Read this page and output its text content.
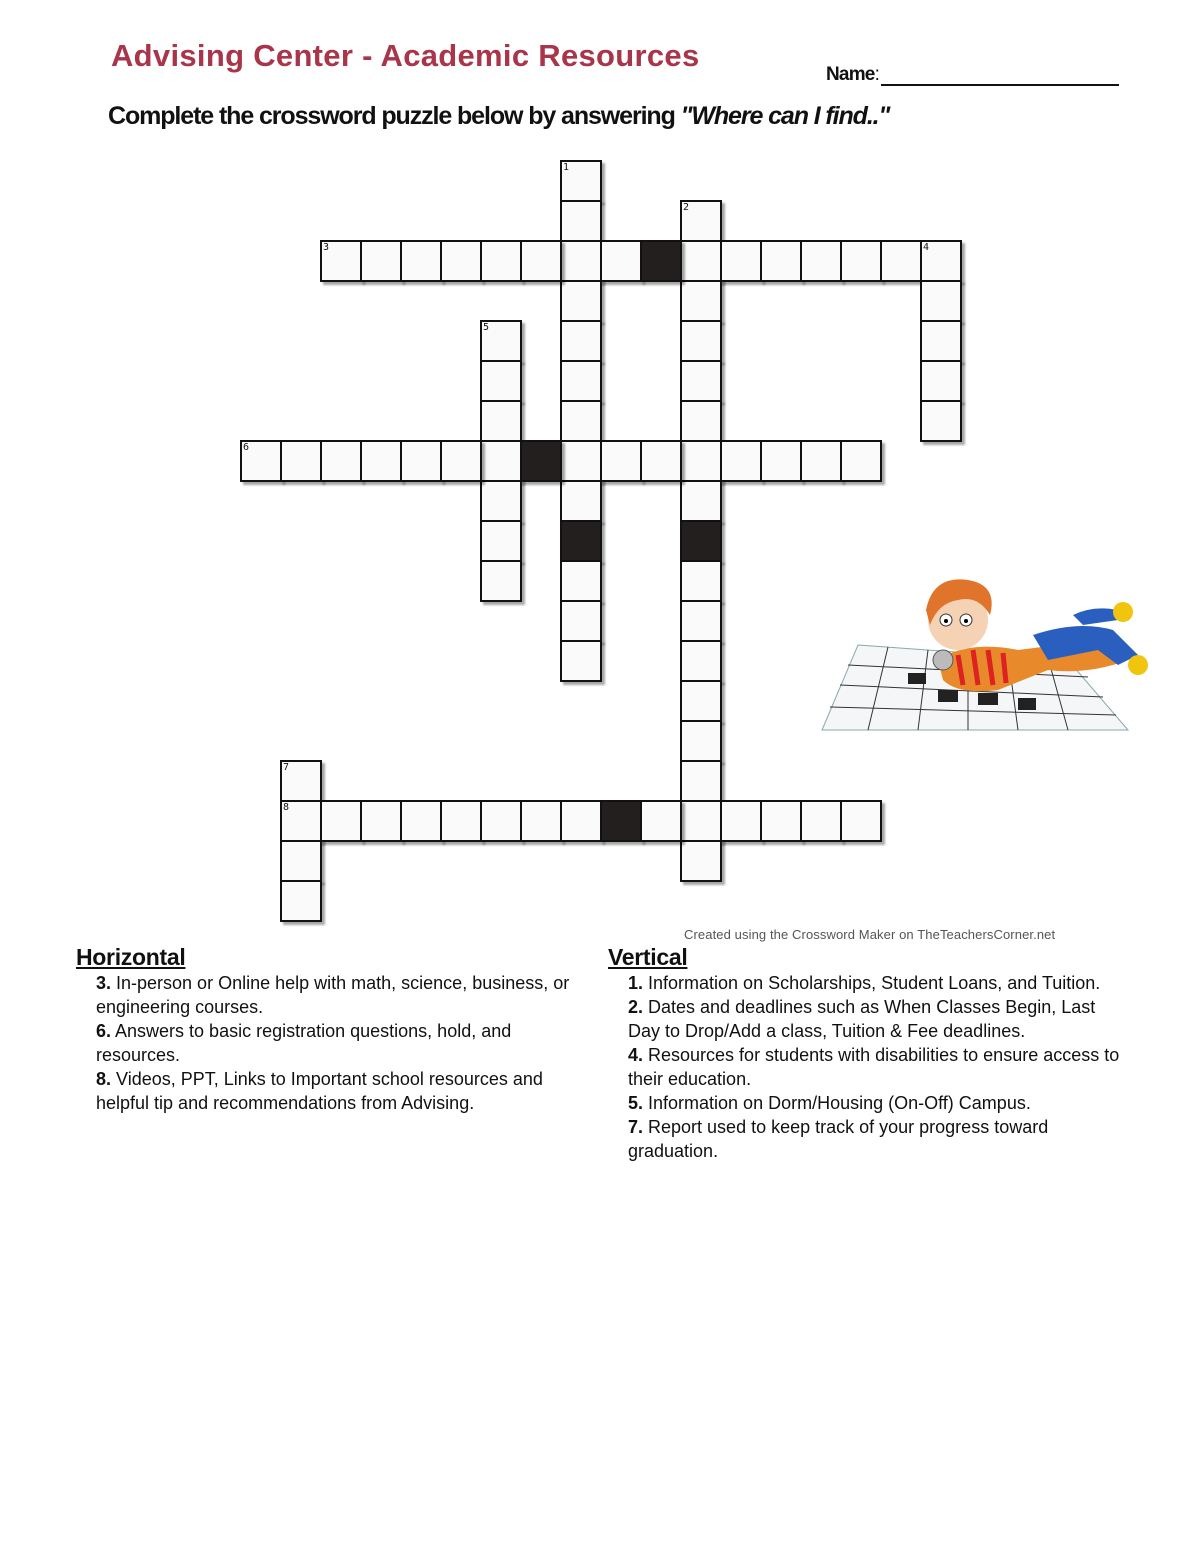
Advising Center - Academic Resources
Name :
Complete the crossword puzzle below by answering "Where can I find.."
1
2
3	4
5
6
7
8
Created using the Crossword Maker on TheTeachersCorner.net
Horizontal

3. In-person or Online help with math, science, business, or engineering courses.

6. Answers to basic registration questions, hold, and resources.

8. Videos, PPT, Links to Important school resources and helpful tip and recommendations from Advising.

Vertical

1. Information on Scholarships, Student Loans, and Tuition.

2. Dates and deadlines such as When Classes Begin, Last Day to Drop/Add a class, Tuition & Fee deadlines.

4. Resources for students with disabilities to ensure access to their education.

5. Information on Dorm/Housing (On-Off) Campus.

7. Report used to keep track of your progress toward graduation.
